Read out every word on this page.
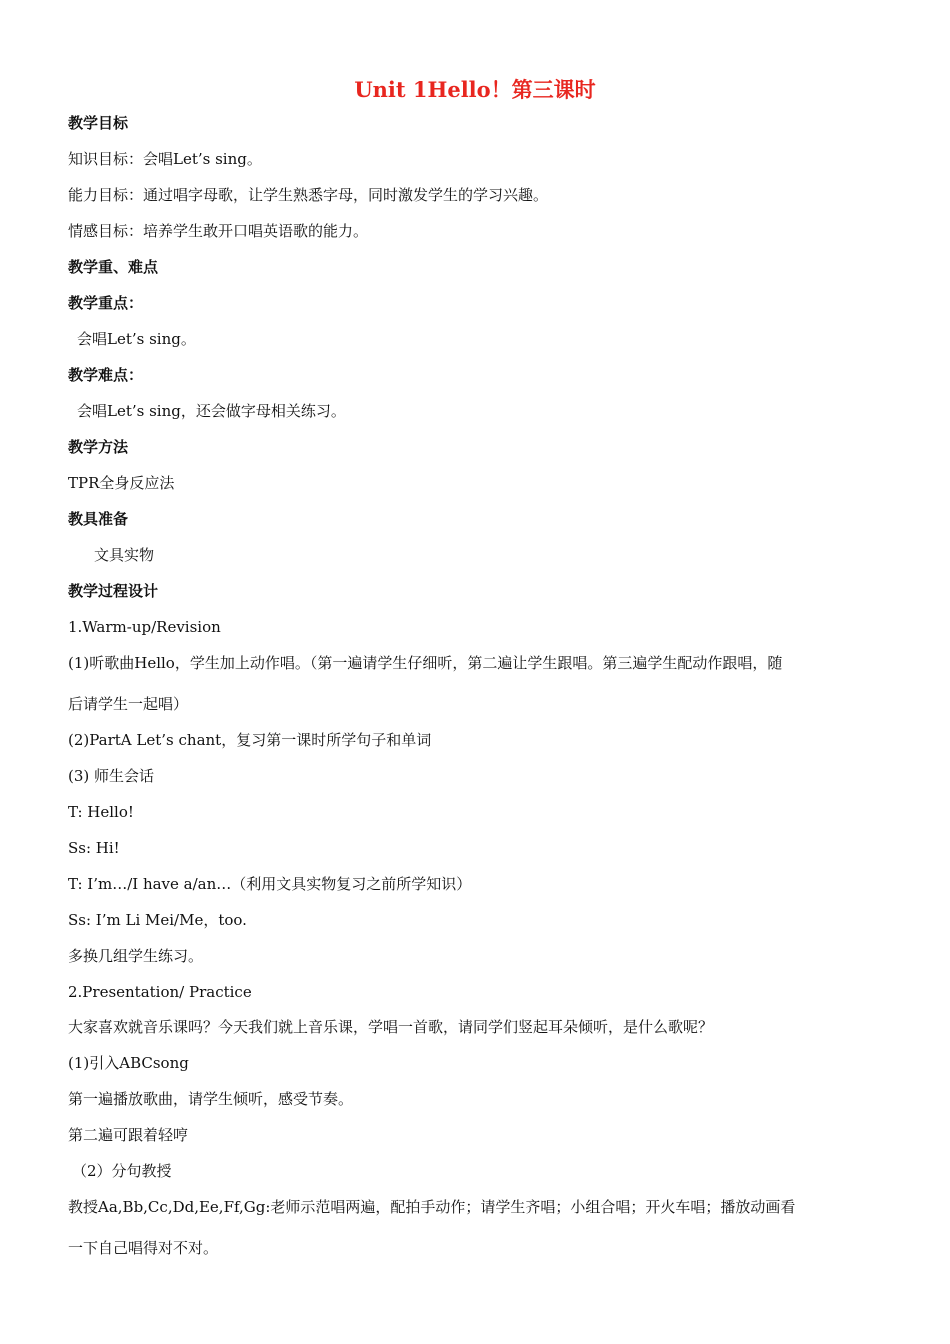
Unit 1Hello！第三课时
教学目标
知识目标：会唱Let’s sing。
能力目标：通过唱字母歌，让学生熟悉字母，同时激发学生的学习兴趣。
情感目标：培养学生敢开口唱英语歌的能力。
教学重、难点
教学重点：
会唱Let’s sing。
教学难点：
会唱Let’s sing，还会做字母相关练习。
教学方法
TPR全身反应法
教具准备
文具实物
教学过程设计
1.Warm-up/Revision
(1)听歌曲Hello，学生加上动作唱。（第一遍请学生仔细听，第二遍让学生跟唱。第三遍学生配动作跟唱，随
后请学生一起唱）
(2)PartA Let’s chant，复习第一课时所学句子和单词
(3) 师生会话
T: Hello!
Ss: Hi!
T: I’m…/I have a/an…（利用文具实物复习之前所学知识）
Ss: I’m Li Mei/Me，too.
多换几组学生练习。
2.Presentation/ Practice
大家喜欢就音乐课吗？今天我们就上音乐课，学唱一首歌，请同学们竖起耳朵倾听，是什么歌呢？
(1)引入ABCsong
第一遍播放歌曲，请学生倾听，感受节奏。
第二遍可跟着轻哼
（2）分句教授
教授Aa,Bb,Cc,Dd,Ee,Ff,Gg:老师示范唱两遍，配拍手动作；请学生齐唱；小组合唱；开火车唱；播放动画看
一下自己唱得对不对。
